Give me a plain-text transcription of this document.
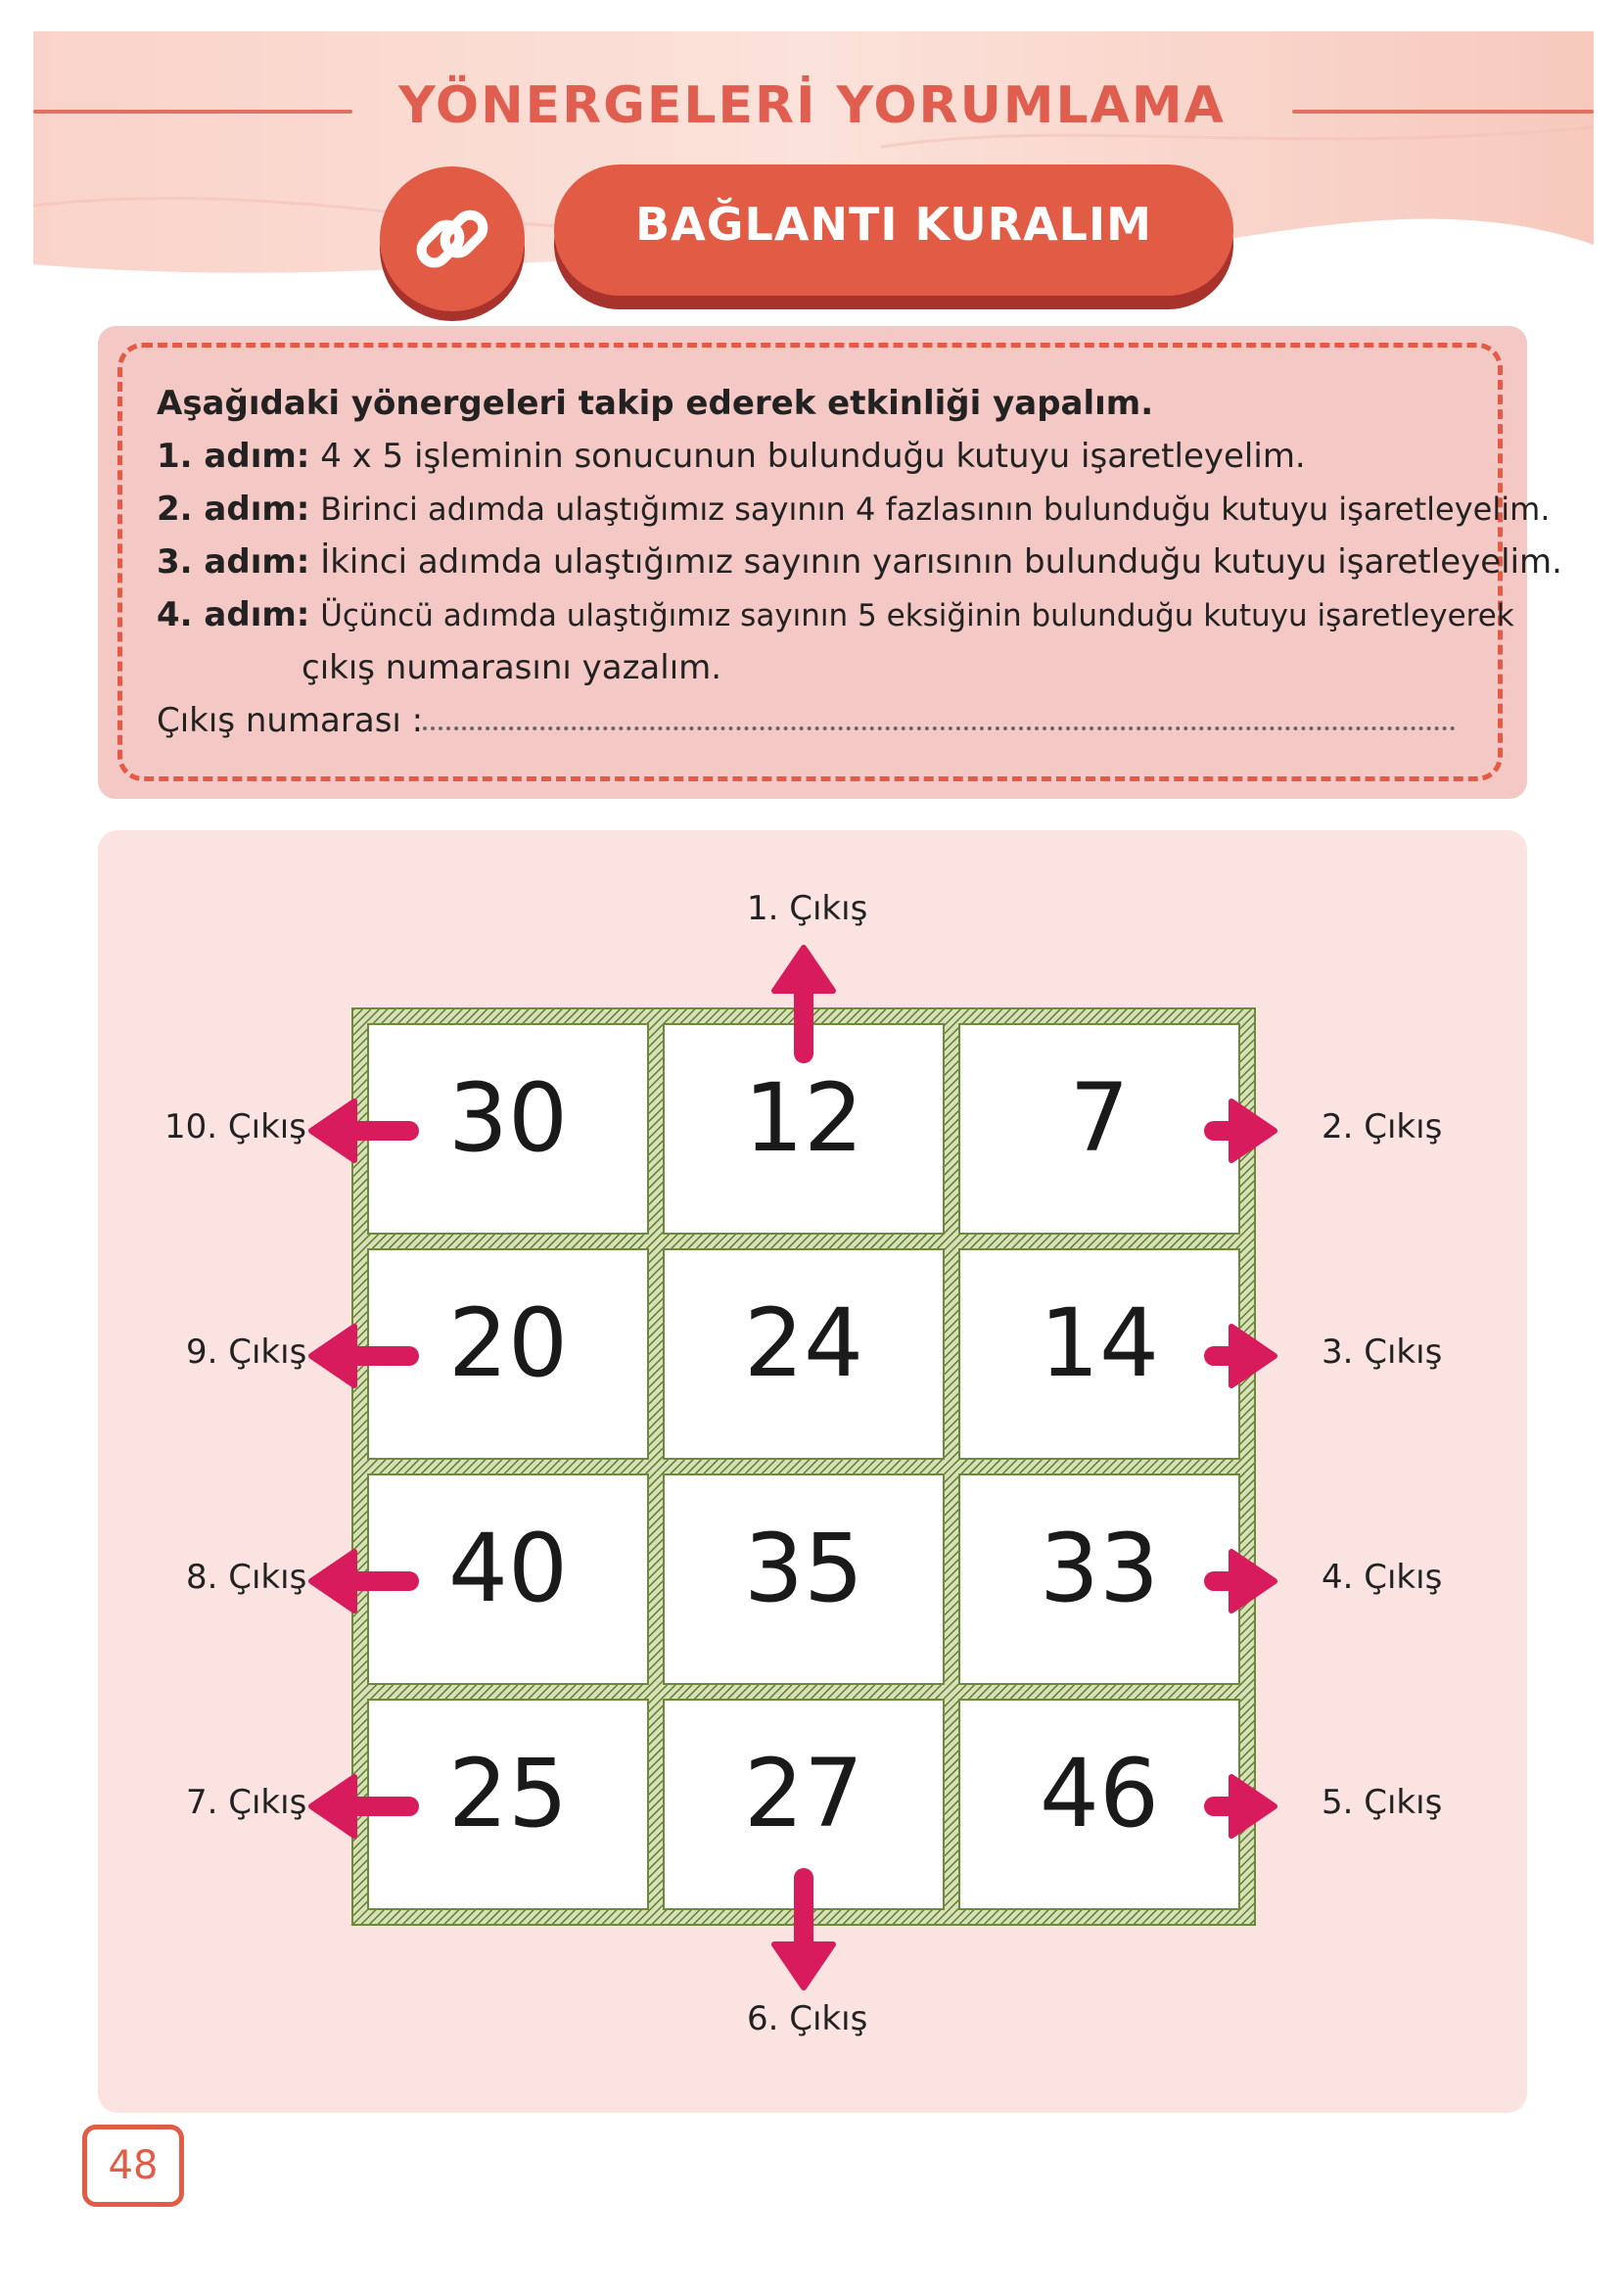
YÖNERGELERİ YORUMLAMA
BAĞLANTI KURALIM
Aşağıdaki yönergeleri takip ederek etkinliği yapalım.
1. adım: 4 x 5 işleminin sonucunun bulunduğu kutuyu işaretleyelim.
2. adım: Birinci adımda ulaştığımız sayının 4 fazlasının bulunduğu kutuyu işaretleyelim.
3. adım: İkinci adımda ulaştığımız sayının yarısının bulunduğu kutuyu işaretleyelim.
4. adım: Üçüncü adımda ulaştığımız sayının 5 eksiğinin bulunduğu kutuyu işaretleyerek
çıkış numarasını yazalım.
Çıkış numarası :
30	12	7
20	24	14
40	35	33
25	27	46
1. Çıkış
6. Çıkış
2. Çıkış
10. Çıkış
3. Çıkış
9. Çıkış
4. Çıkış
8. Çıkış
5. Çıkış
7. Çıkış
48
